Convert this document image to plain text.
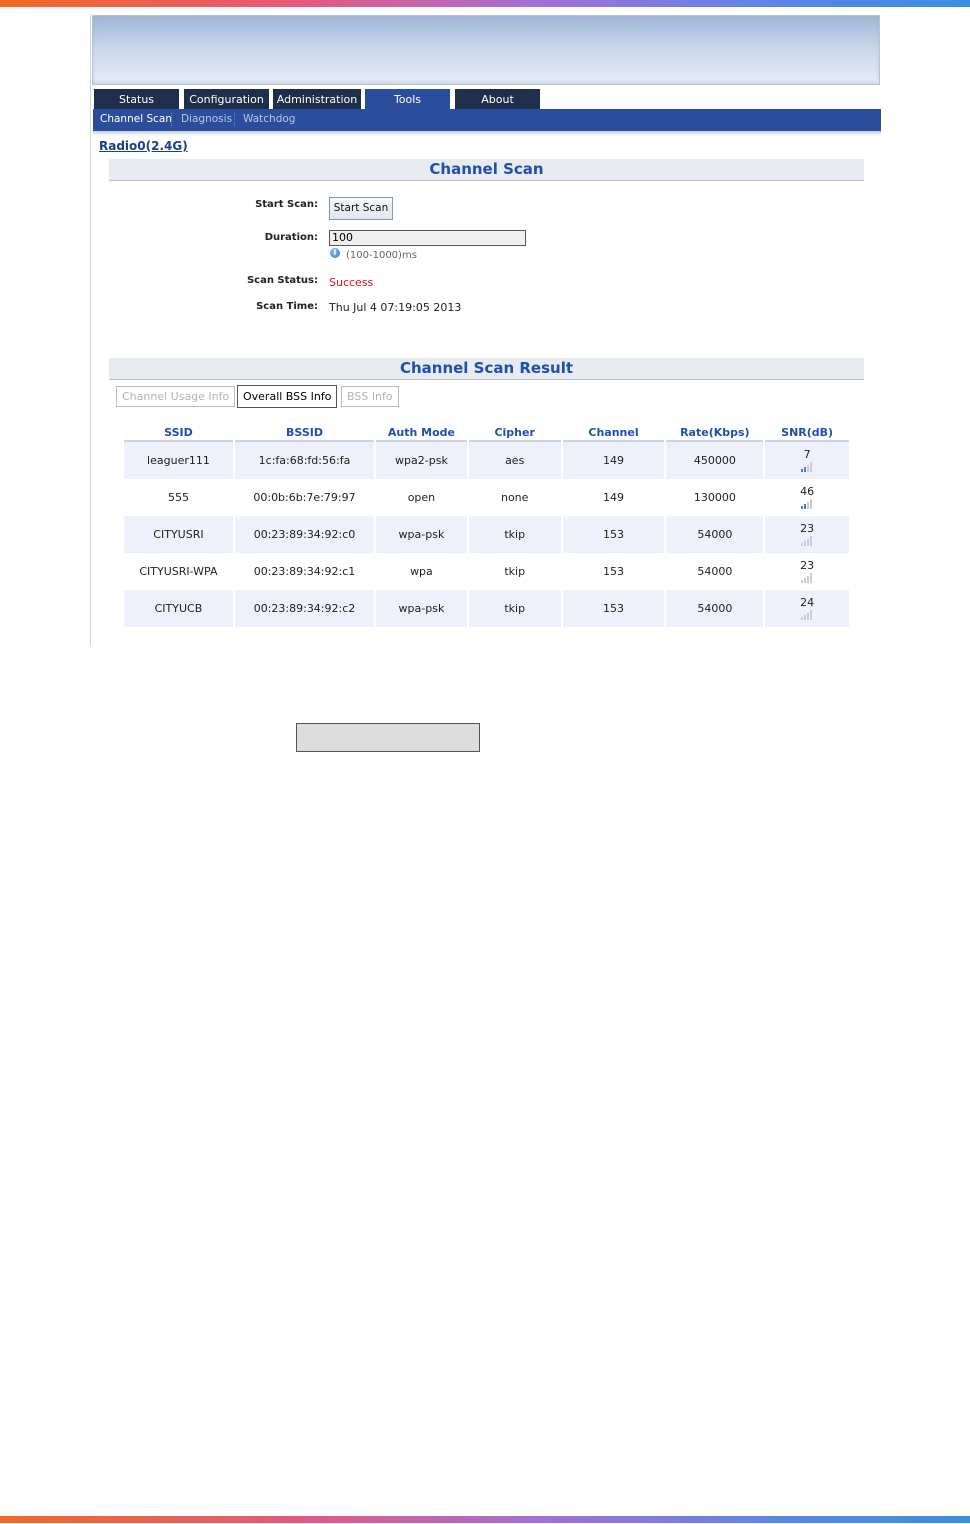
Status	Configuration	Administration	Tools	About
Channel Scan Diagnosis Watchdog
Radio0(2.4G)
Channel Scan
Start Scan:	Start Scan
Duration: 100
i (100-1000)ms
Scan Status: Success
Scan Time: Thu Jul 4 07:19:05 2013
Channel Scan Result
Channel Usage Info	Overall BSS Info	BSS Info
SSID	BSSID	Auth Mode	Cipher	Channel	Rate(Kbps)	SNR(dB)
leaguer111	1c:fa:68:fd:56:fa	wpa2-psk	aes	149	450000	7

555	00:0b:6b:7e:79:97	open	none	149	130000	46

CITYUSRI	00:23:89:34:92:c0	wpa-psk	tkip	153	54000	23

CITYUSRI-WPA	00:23:89:34:92:c1	wpa	tkip	153	54000	23

CITYUCB	00:23:89:34:92:c2	wpa-psk	tkip	153	54000	24
